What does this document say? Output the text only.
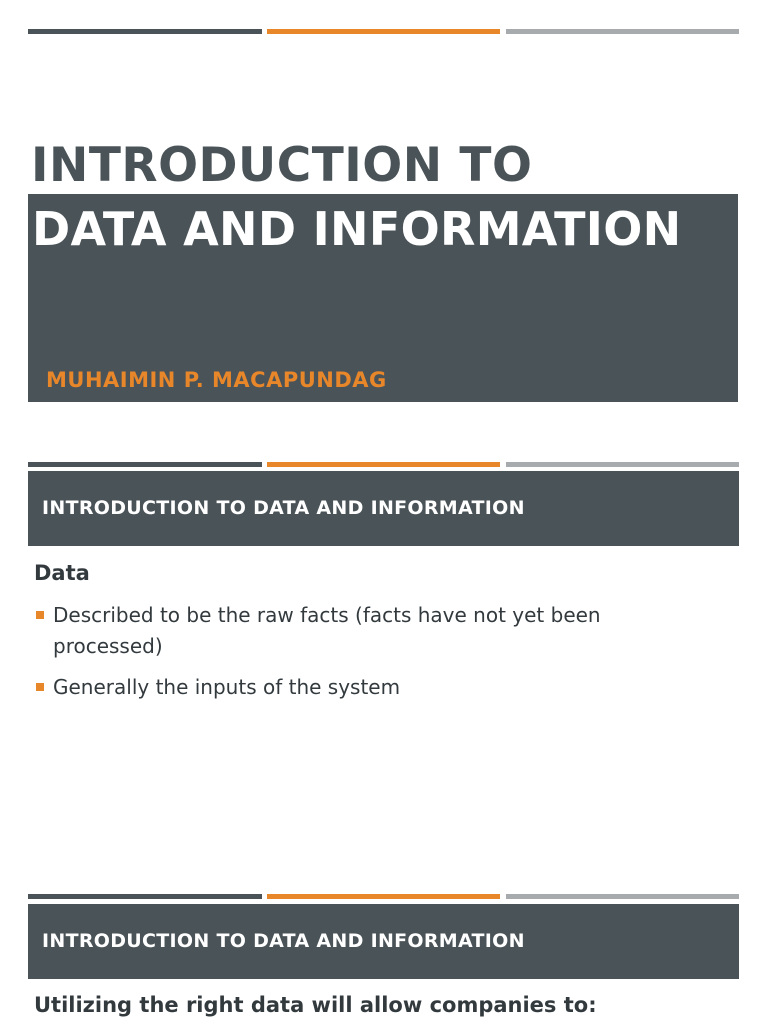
INTRODUCTION TO
DATA AND INFORMATION
MUHAIMIN P. MACAPUNDAG
INTRODUCTION TO DATA AND INFORMATION
Data
Described to be the raw facts (facts have not yet been processed)
Generally the inputs of the system
INTRODUCTION TO DATA AND INFORMATION
Utilizing the right data will allow companies to:
